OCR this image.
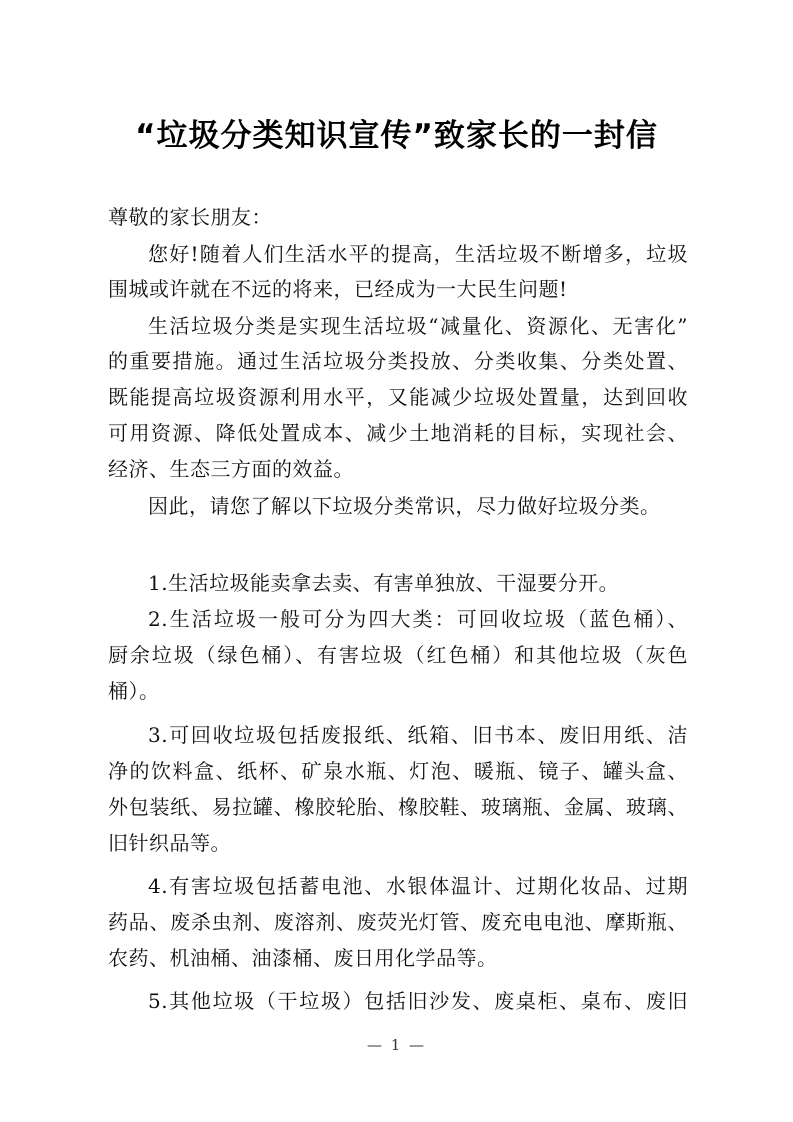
“垃圾分类知识宣传”致家长的一封信
尊敬的家长朋友：
您好!随着人们生活水平的提高，生活垃圾不断增多，垃圾
围城或许就在不远的将来，已经成为一大民生问题!
生活垃圾分类是实现生活垃圾“减量化、资源化、无害化”
的重要措施。通过生活垃圾分类投放、分类收集、分类处置、
既能提高垃圾资源利用水平，又能减少垃圾处置量，达到回收
可用资源、降低处置成本、减少土地消耗的目标，实现社会、
经济、生态三方面的效益。
因此，请您了解以下垃圾分类常识，尽力做好垃圾分类。
1.生活垃圾能卖拿去卖、有害单独放、干湿要分开。
2.生活垃圾一般可分为四大类：可回收垃圾（蓝色桶）、
厨余垃圾（绿色桶）、有害垃圾（红色桶）和其他垃圾（灰色
桶）。
3.可回收垃圾包括废报纸、纸箱、旧书本、废旧用纸、洁
净的饮料盒、纸杯、矿泉水瓶、灯泡、暖瓶、镜子、罐头盒、
外包装纸、易拉罐、橡胶轮胎、橡胶鞋、玻璃瓶、金属、玻璃、
旧针织品等。
4.有害垃圾包括蓄电池、水银体温计、过期化妆品、过期
药品、废杀虫剂、废溶剂、废荧光灯管、废充电电池、摩斯瓶、
农药、机油桶、油漆桶、废日用化学品等。
5.其他垃圾（干垃圾）包括旧沙发、废桌柜、桌布、废旧
— 1 —
